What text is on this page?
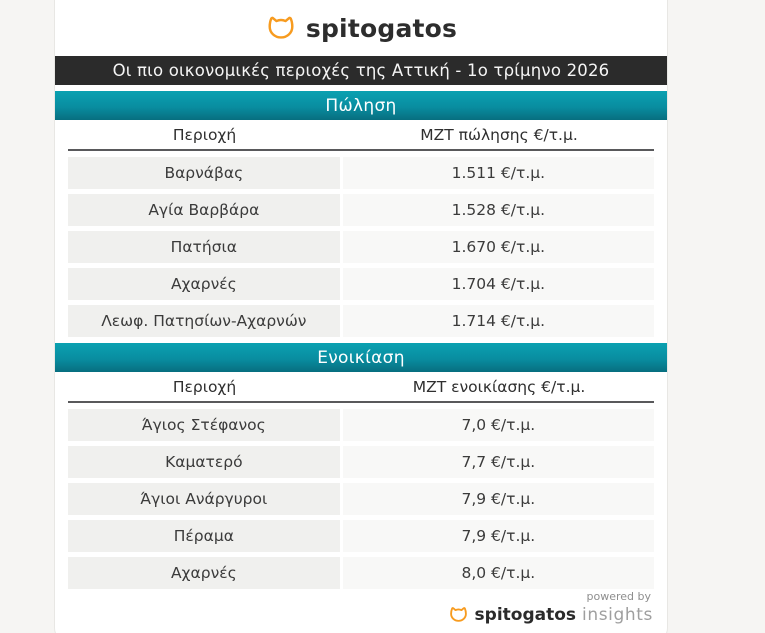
spitogatos
Οι πιο οικονομικές περιοχές της Αττική - 1ο τρίμηνο 2026
Πώληση
Περιοχή	ΜΖΤ πώλησης €/τ.μ.
Βαρνάβας	1.511 €/τ.μ.
Αγία Βαρβάρα	1.528 €/τ.μ.
Πατήσια	1.670 €/τ.μ.
Αχαρνές	1.704 €/τ.μ.
Λεωφ. Πατησίων-Αχαρνών	1.714 €/τ.μ.
Ενοικίαση
Περιοχή	ΜΖΤ ενοικίασης €/τ.μ.
Άγιος Στέφανος	7,0 €/τ.μ.
Καματερό	7,7 €/τ.μ.
Άγιοι Ανάργυροι	7,9 €/τ.μ.
Πέραμα	7,9 €/τ.μ.
Αχαρνές	8,0 €/τ.μ.
powered by
spitogatos insights
